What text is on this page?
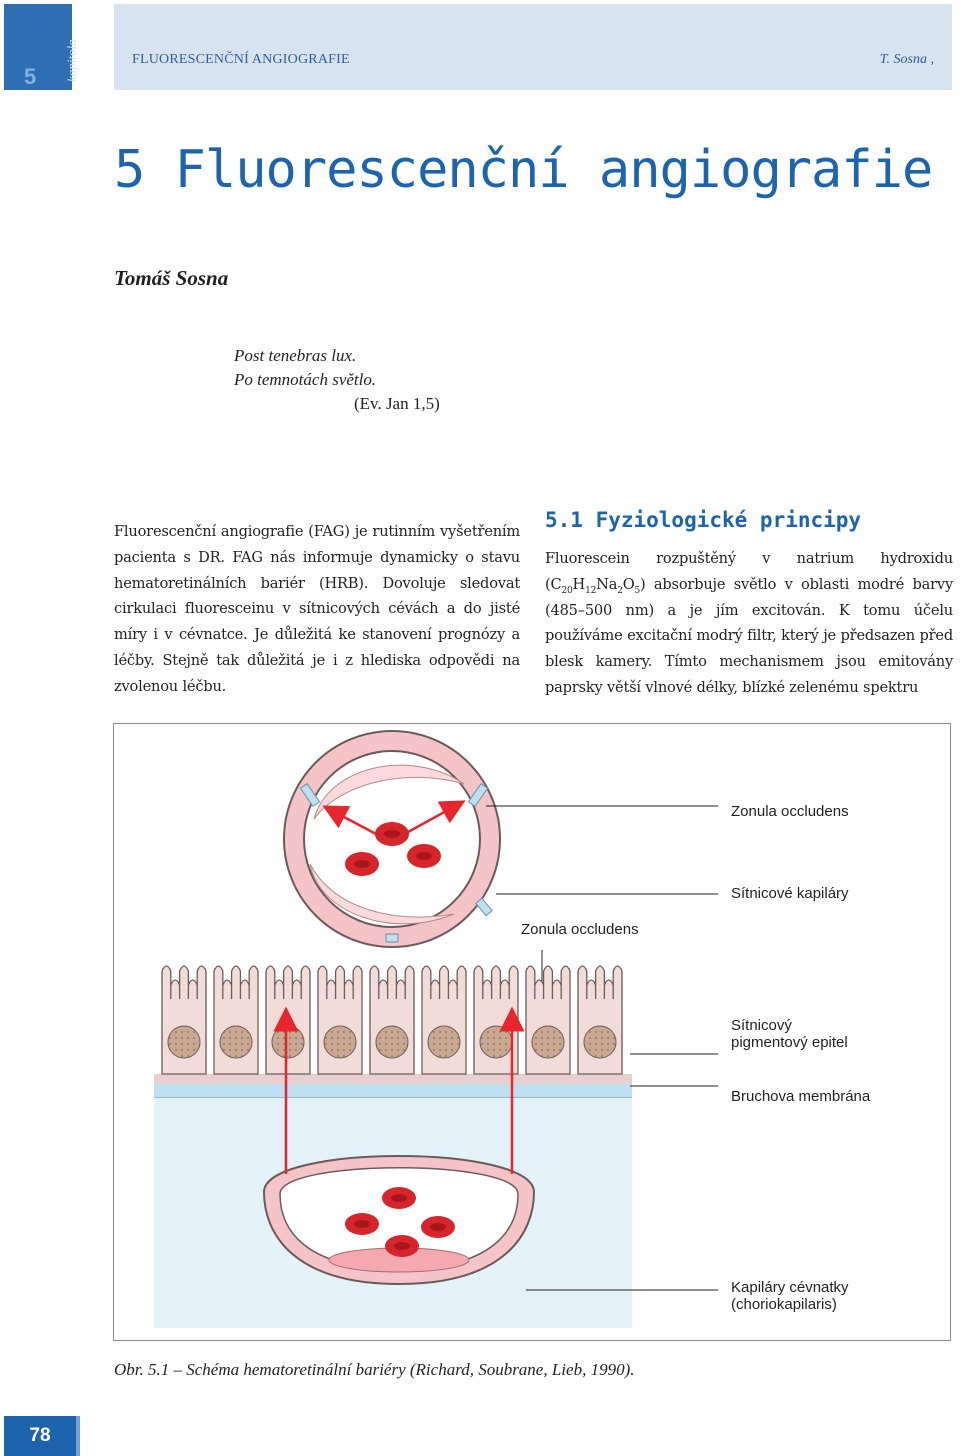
5 kapitola	FLUORESCENČNÍ ANGIOGRAFIE	T. Sosna ,
5 Fluorescenční angiografie
Tomáš Sosna
Post tenebras lux.
Po temnotách světlo.
(Ev. Jan 1,5)
Fluorescenční angiografie (FAG) je rutinním vyšetřením pacienta s DR. FAG nás informuje dynamicky o stavu hematoretinálních bariér (HRB). Dovoluje sledovat cirkulaci fluoresceinu v sítnicových cévách a do jisté míry i v cévnatce. Je důležitá ke stanovení prognózy a léčby. Stejně tak důležitá je i z hlediska odpovědi na zvolenou léčbu.
5.1 Fyziologické principy
Fluorescein rozpuštěný v natrium hydroxidu $(C_{20}H_{12}Na_2O_5)$ absorbuje světlo v oblasti modré barvy (485–500 nm) a je jím excitován. K tomu účelu používáme excitační modrý filtr, který je předsazen před blesk kamery. Tímto mechanismem jsou emitovány paprsky větší vlnové délky, blízké zelenému spektru
Zonula occludens
Sítnicové kapiláry
Zonula occludens
Sítnicový
pigmentový epitel
Bruchova membrána
Kapiláry cévnatky
(choriokapilaris)
Obr. 5.1 – Schéma hematoretinální bariéry (Richard, Soubrane, Lieb, 1990).
78
